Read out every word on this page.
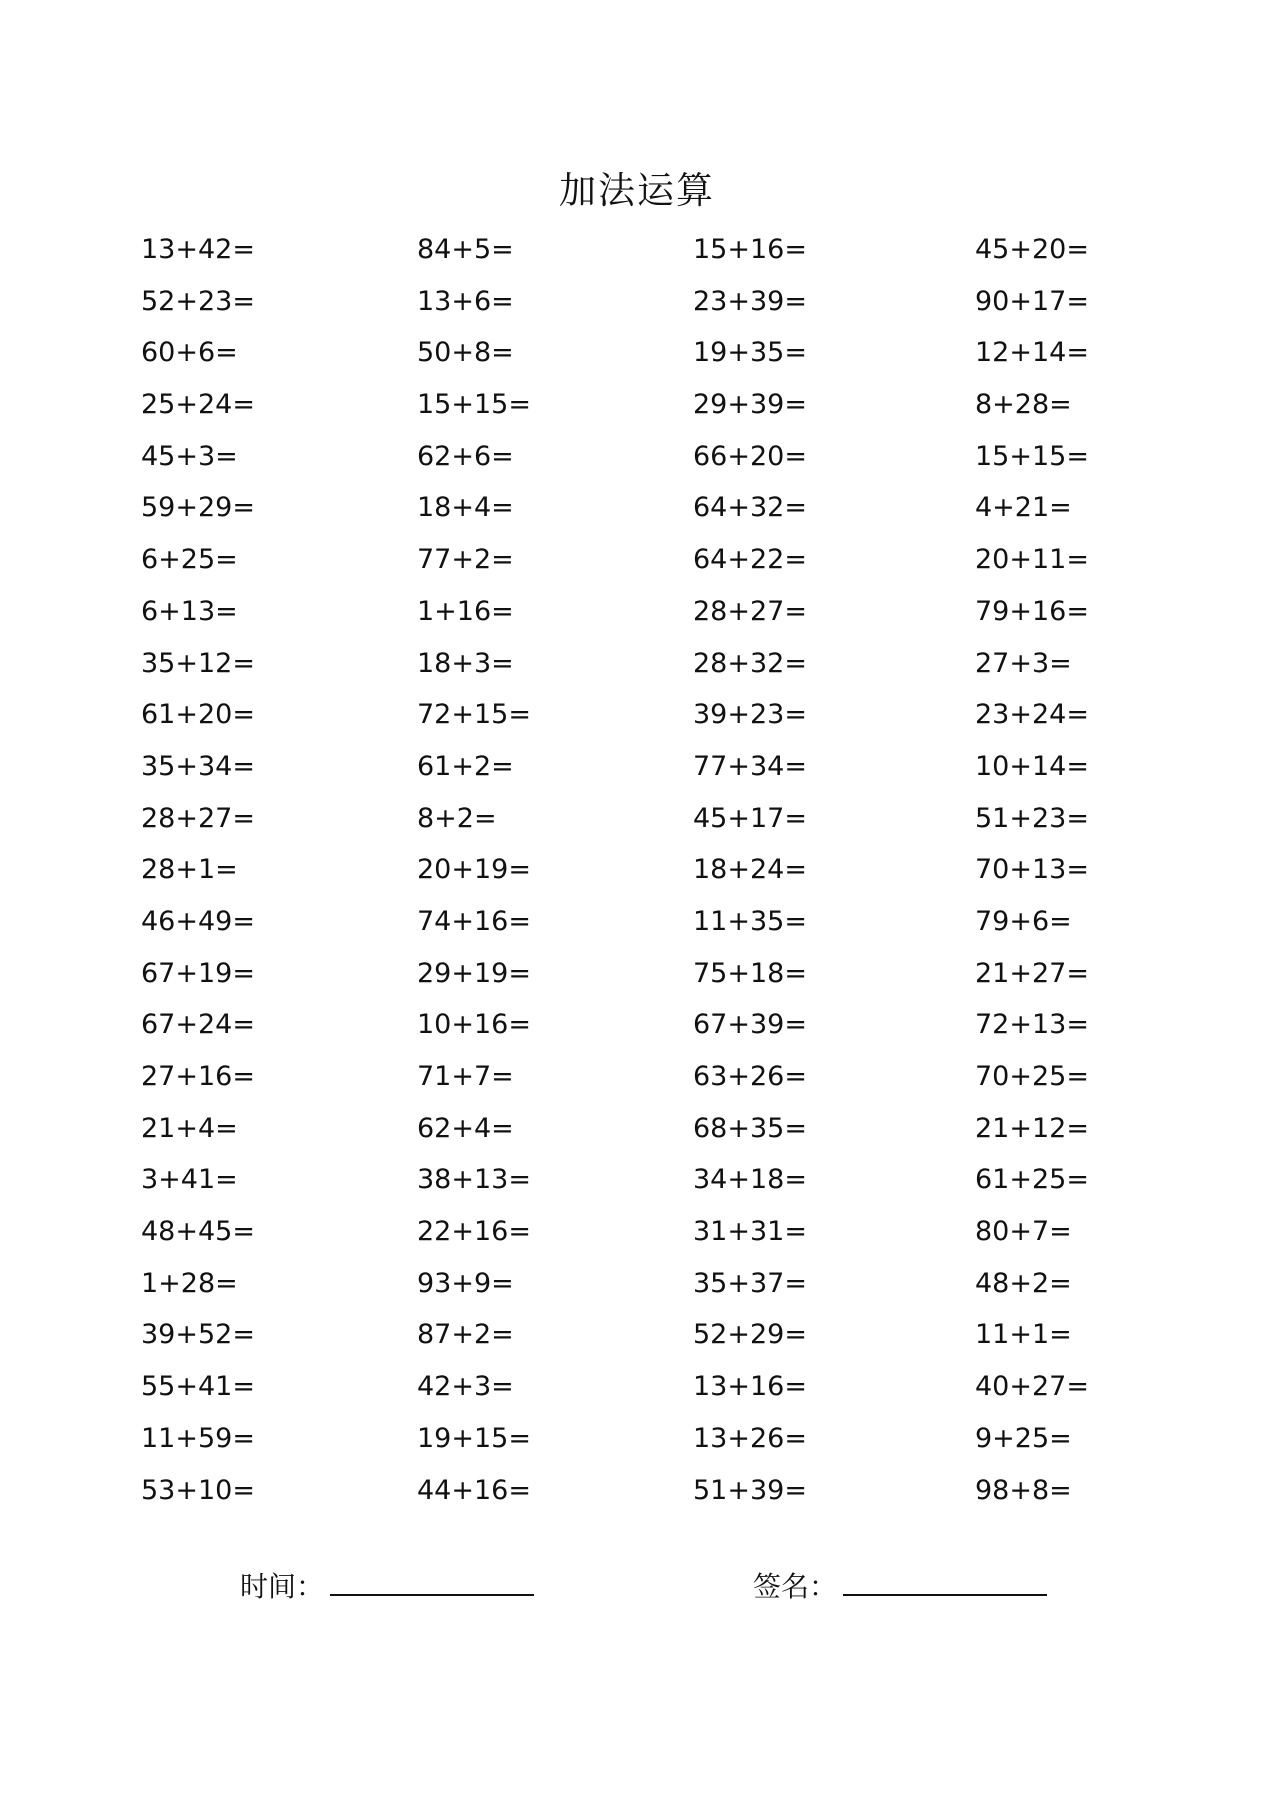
加法运算
13+42=	84+5=	15+16=	45+20=
52+23=	13+6=	23+39=	90+17=
60+6=	50+8=	19+35=	12+14=
25+24=	15+15=	29+39=	8+28=
45+3=	62+6=	66+20=	15+15=
59+29=	18+4=	64+32=	4+21=
6+25=	77+2=	64+22=	20+11=
6+13=	1+16=	28+27=	79+16=
35+12=	18+3=	28+32=	27+3=
61+20=	72+15=	39+23=	23+24=
35+34=	61+2=	77+34=	10+14=
28+27=	8+2=	45+17=	51+23=
28+1=	20+19=	18+24=	70+13=
46+49=	74+16=	11+35=	79+6=
67+19=	29+19=	75+18=	21+27=
67+24=	10+16=	67+39=	72+13=
27+16=	71+7=	63+26=	70+25=
21+4=	62+4=	68+35=	21+12=
3+41=	38+13=	34+18=	61+25=
48+45=	22+16=	31+31=	80+7=
1+28=	93+9=	35+37=	48+2=
39+52=	87+2=	52+29=	11+1=
55+41=	42+3=	13+16=	40+27=
11+59=	19+15=	13+26=	9+25=
53+10=	44+16=	51+39=	98+8=
时间：	签名：
